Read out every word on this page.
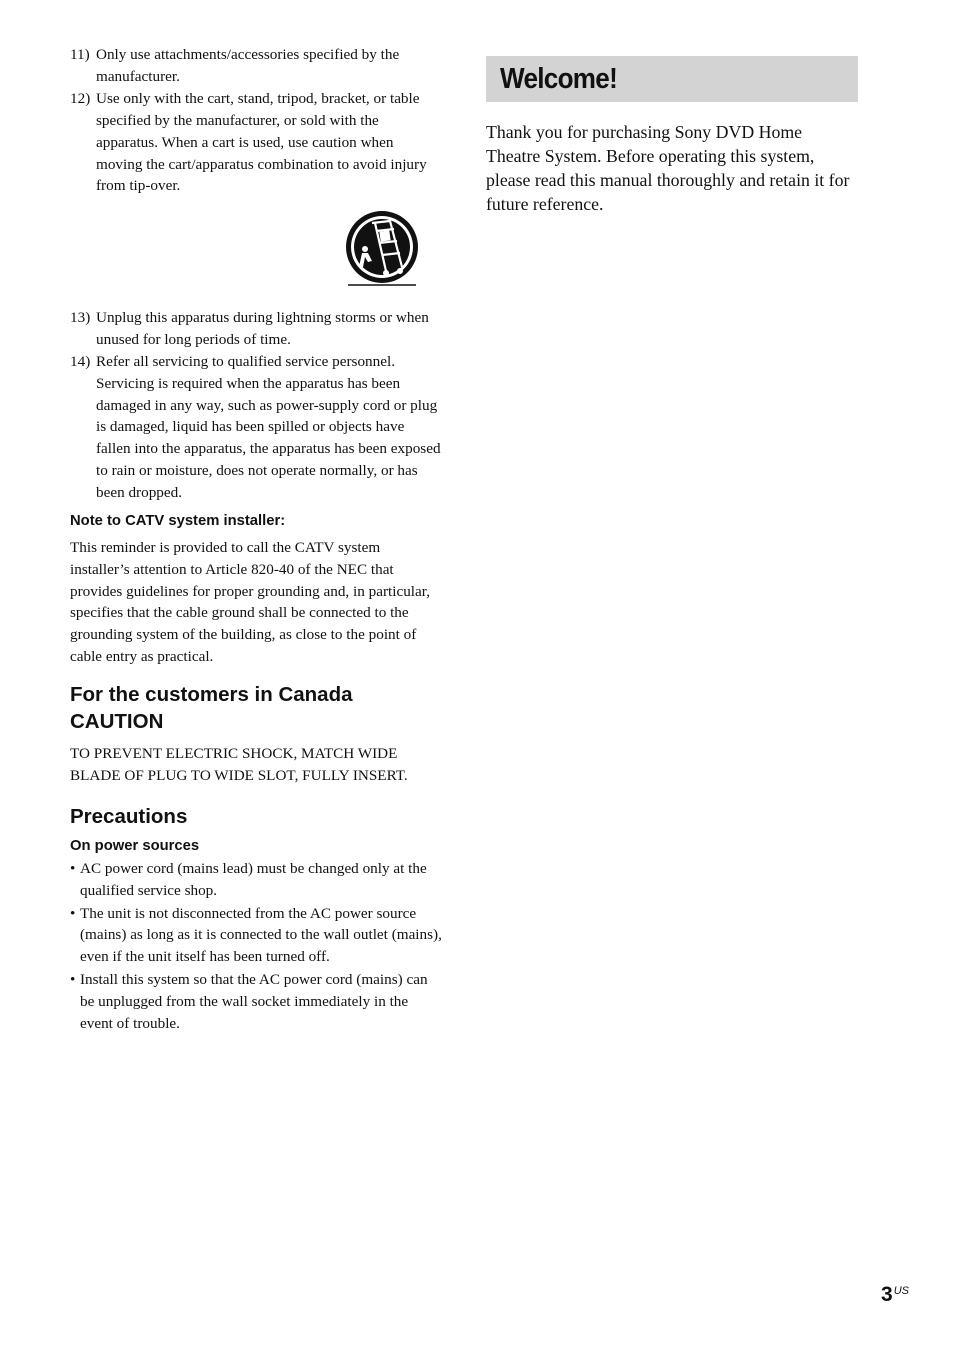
11) Only use attachments/accessories specified by the manufacturer.
12) Use only with the cart, stand, tripod, bracket, or table specified by the manufacturer, or sold with the apparatus. When a cart is used, use caution when moving the cart/apparatus combination to avoid injury from tip-over.
13) Unplug this apparatus during lightning storms or when unused for long periods of time.
14) Refer all servicing to qualified service personnel. Servicing is required when the apparatus has been damaged in any way, such as power-supply cord or plug is damaged, liquid has been spilled or objects have fallen into the apparatus, the apparatus has been exposed to rain or moisture, does not operate normally, or has been dropped.
Note to CATV system installer:

This reminder is provided to call the CATV system installer’s attention to Article 820-40 of the NEC that provides guidelines for proper grounding and, in particular, specifies that the cable ground shall be connected to the grounding system of the building, as close to the point of cable entry as practical.

For the customers in Canada
CAUTION

TO PREVENT ELECTRIC SHOCK, MATCH WIDE BLADE OF PLUG TO WIDE SLOT, FULLY INSERT.

Precautions
On power sources
• AC power cord (mains lead) must be changed only at the qualified service shop.
• The unit is not disconnected from the AC power source (mains) as long as it is connected to the wall outlet (mains), even if the unit itself has been turned off.
• Install this system so that the AC power cord (mains) can be unplugged from the wall socket immediately in the event of trouble.
Welcome!

Thank you for purchasing Sony DVD Home Theatre System. Before operating this system, please read this manual thoroughly and retain it for future reference.

$3^{US}$
